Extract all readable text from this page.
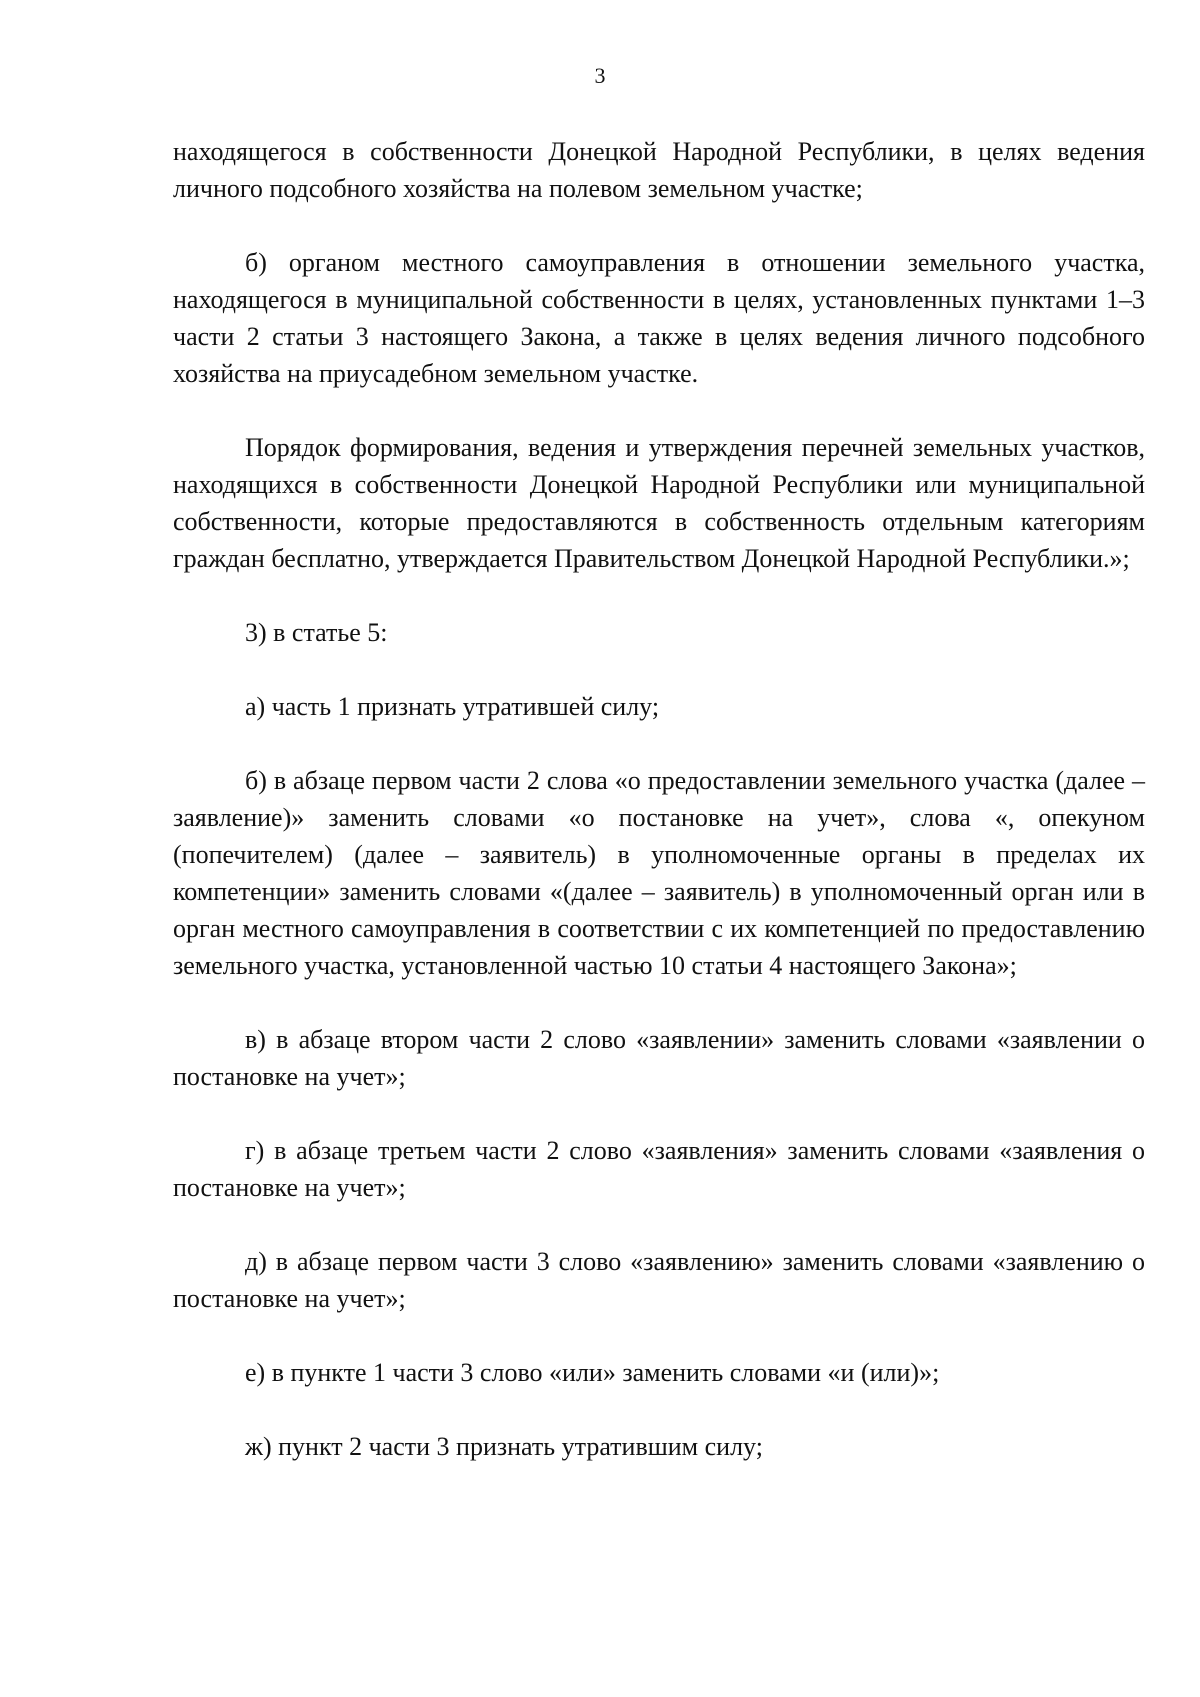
3

находящегося в собственности Донецкой Народной Республики, в целях ведения личного подсобного хозяйства на полевом земельном участке;

б) органом местного самоуправления в отношении земельного участка, находящегося в муниципальной собственности в целях, установленных пунктами 1–3 части 2 статьи 3 настоящего Закона, а также в целях ведения личного подсобного хозяйства на приусадебном земельном участке.

Порядок формирования, ведения и утверждения перечней земельных участков, находящихся в собственности Донецкой Народной Республики или муниципальной собственности, которые предоставляются в собственность отдельным категориям граждан бесплатно, утверждается Правительством Донецкой Народной Республики.»;

3) в статье 5:

а) часть 1 признать утратившей силу;

б) в абзаце первом части 2 слова «о предоставлении земельного участка (далее – заявление)» заменить словами «о постановке на учет», слова «, опекуном (попечителем) (далее – заявитель) в уполномоченные органы в пределах их компетенции» заменить словами «(далее – заявитель) в уполномоченный орган или в орган местного самоуправления в соответствии с их компетенцией по предоставлению земельного участка, установленной частью 10 статьи 4 настоящего Закона»;

в) в абзаце втором части 2 слово «заявлении» заменить словами «заявлении о постановке на учет»;

г) в абзаце третьем части 2 слово «заявления» заменить словами «заявления о постановке на учет»;

д) в абзаце первом части 3 слово «заявлению» заменить словами «заявлению о постановке на учет»;

е) в пункте 1 части 3 слово «или» заменить словами «и (или)»;

ж) пункт 2 части 3 признать утратившим силу;
